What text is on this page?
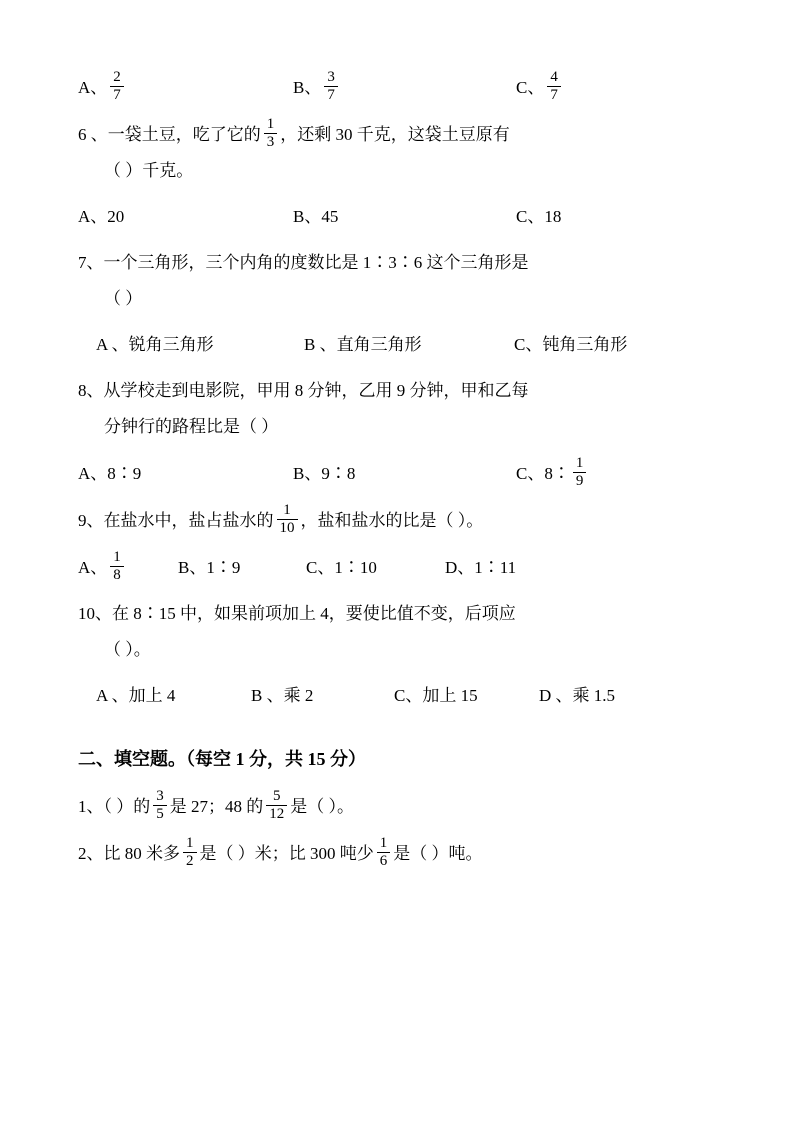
A、 $\frac{2}{7}$	B、 $\frac{3}{7}$	C、 $\frac{4}{7}$
6 、一袋土豆，吃了它的 $\frac{1}{3}$ ，还剩 30 千克，这袋土豆原有
（ ）千克。
A、20	B、45	C、18
7、一个三角形，三个内角的度数比是 1∶3∶6 这个三角形是
（ ）
A 、锐角三角形	B 、直角三角形	C、钝角三角形
8、从学校走到电影院，甲用 8 分钟，乙用 9 分钟，甲和乙每
分钟行的路程比是（ ）
A、8∶9	B、9∶8	C、8∶ $\frac{1}{9}$
9、在盐水中，盐占盐水的 $\frac{1}{10}$ ，盐和盐水的比是（ ）。
A、 $\frac{1}{8}$	B、1∶9	C、1∶10	D、1∶11
10、在 8∶15 中，如果前项加上 4，要使比值不变，后项应
（ ）。
A 、加上 4	B 、乘 2	C、加上 15	D 、乘 1.5
二、填空题。（每空 1 分，共 15 分）
1、（ ）的 $\frac{3}{5}$ 是 27；48 的 $\frac{5}{12}$ 是（ ）。
2、比 80 米多 $\frac{1}{2}$ 是（ ）米；比 300 吨少 $\frac{1}{6}$ 是（ ）吨。
